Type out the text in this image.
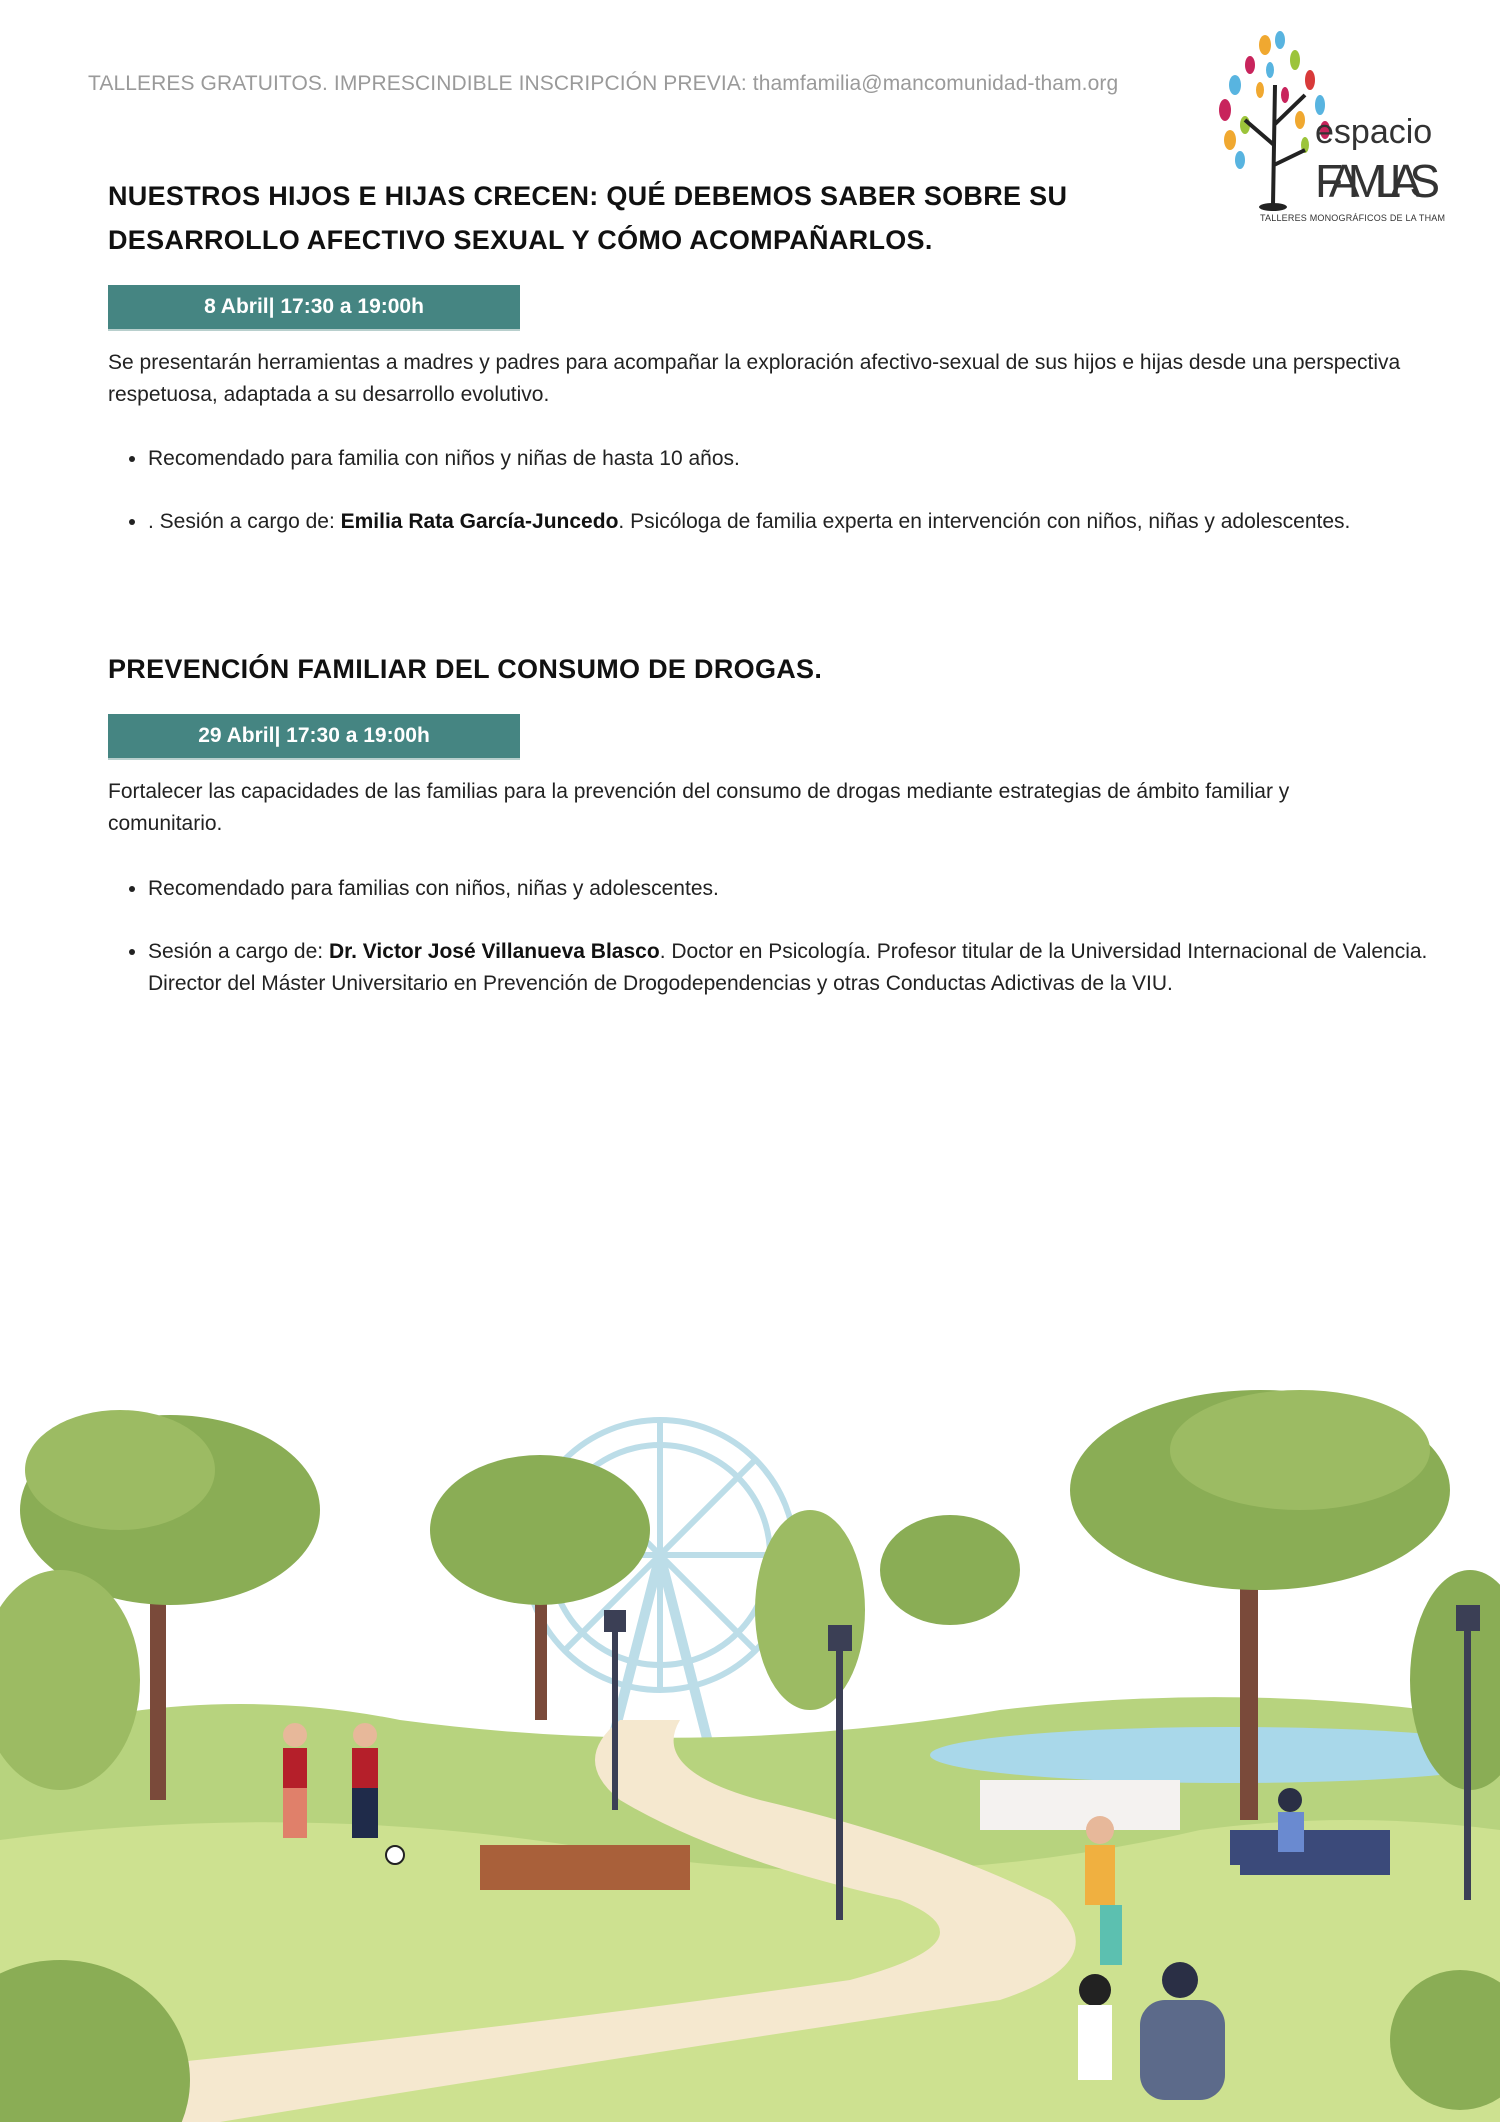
TALLERES GRATUITOS. IMPRESCINDIBLE INSCRIPCIÓN PREVIA: thamfamilia@mancomunidad-tham.org
espacio
FAMILIAS
TALLERES MONOGRÁFICOS DE LA THAM
NUESTROS HIJOS E HIJAS CRECEN: QUÉ DEBEMOS SABER SOBRE SU DESARROLLO AFECTIVO SEXUAL Y CÓMO ACOMPAÑARLOS.
8 Abril| 17:30 a 19:00h

Se presentarán herramientas a madres y padres para acompañar la exploración afectivo-sexual de sus hijos e hijas desde una perspectiva respetuosa, adaptada a su desarrollo evolutivo.

• Recomendado para familia con niños y niñas de hasta 10 años.
• . Sesión a cargo de: Emilia Rata García-Juncedo. Psicóloga de familia experta en intervención con niños, niñas y adolescentes.
PREVENCIÓN FAMILIAR DEL CONSUMO DE DROGAS.
29 Abril| 17:30 a 19:00h

Fortalecer las capacidades de las familias para la prevención del consumo de drogas mediante estrategias de ámbito familiar y comunitario.

• Recomendado para familias con niños, niñas y adolescentes.
• Sesión a cargo de: Dr. Victor José Villanueva Blasco. Doctor en Psicología. Profesor titular de la Universidad Internacional de Valencia. Director del Máster Universitario en Prevención de Drogodependencias y otras Conductas Adictivas de la VIU.
